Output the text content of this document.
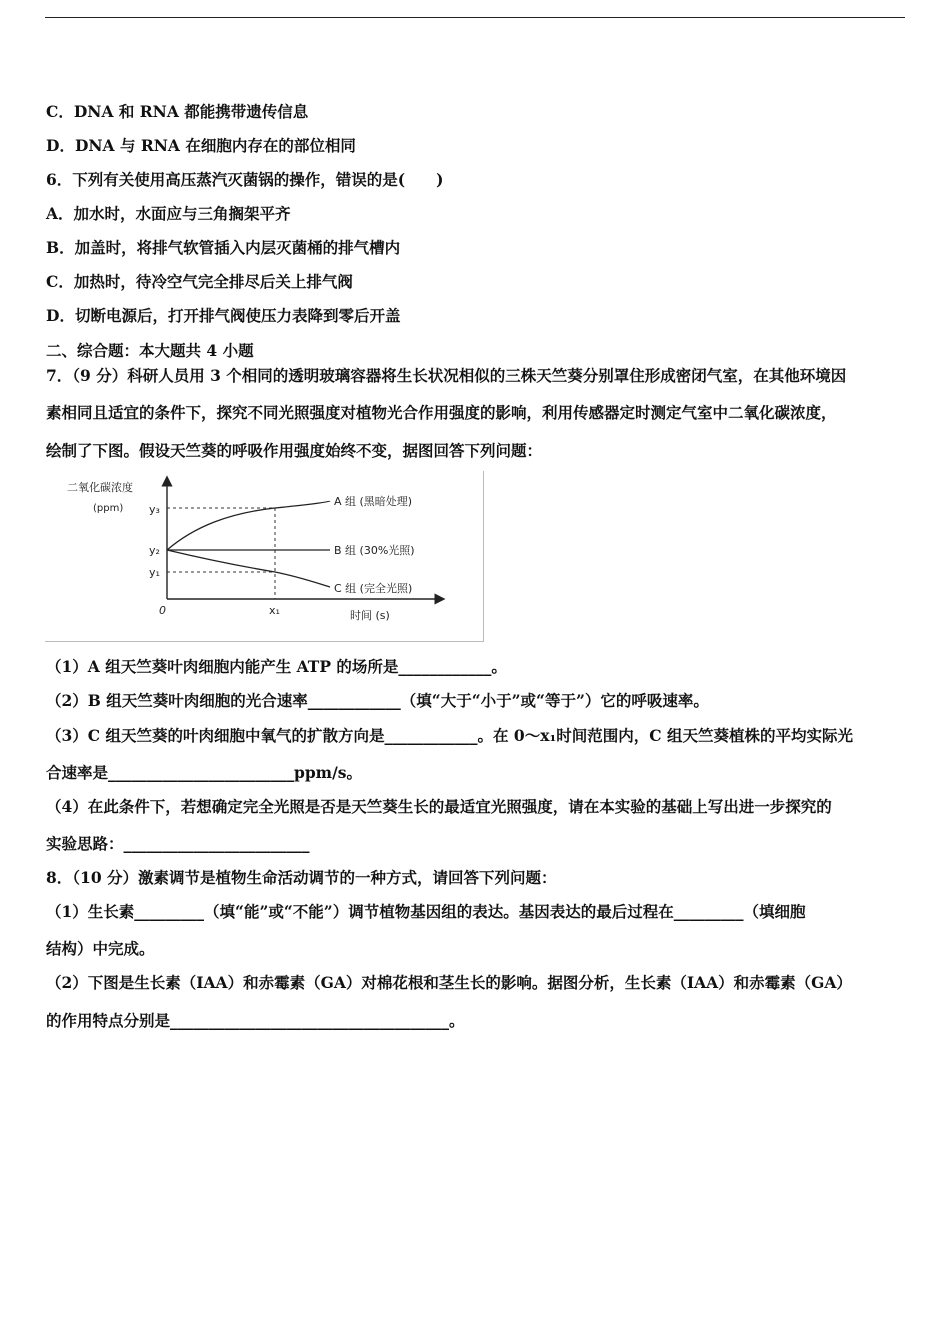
C．DNA 和 RNA 都能携带遗传信息
D．DNA 与 RNA 在细胞内存在的部位相同
6．下列有关使用高压蒸汽灭菌锅的操作，错误的是(　　)
A．加水时，水面应与三角搁架平齐
B．加盖时，将排气软管插入内层灭菌桶的排气槽内
C．加热时，待冷空气完全排尽后关上排气阀
D．切断电源后，打开排气阀使压力表降到零后开盖
二、综合题：本大题共 4 小题
7．（9 分）科研人员用 3 个相同的透明玻璃容器将生长状况相似的三株天竺葵分别罩住形成密闭气室，在其他环境因
素相同且适宜的条件下，探究不同光照强度对植物光合作用强度的影响，利用传感器定时测定气室中二氧化碳浓度，
绘制了下图。假设天竺葵的呼吸作用强度始终不变，据图回答下列问题：
二氧化碳浓度
(ppm) y₃
y₂
y₁
0	x₁	时间 (s)
A 组 (黑暗处理)
B 组 (30%光照)
C 组 (完全光照)
（1）A 组天竺葵叶肉细胞内能产生 ATP 的场所是____________。
（2）B 组天竺葵叶肉细胞的光合速率____________（填“大于“小于”或“等于”）它的呼吸速率。
（3）C 组天竺葵的叶肉细胞中氧气的扩散方向是____________。在 0～x₁时间范围内，C 组天竺葵植株的平均实际光
合速率是________________________ppm/s。
（4）在此条件下，若想确定完全光照是否是天竺葵生长的最适宜光照强度，请在本实验的基础上写出进一步探究的
实验思路：________________________
8．（10 分）激素调节是植物生命活动调节的一种方式，请回答下列问题：
（1）生长素_________（填“能”或“不能”）调节植物基因组的表达。基因表达的最后过程在_________（填细胞
结构）中完成。
（2）下图是生长素（IAA）和赤霉素（GA）对棉花根和茎生长的影响。据图分析，生长素（IAA）和赤霉素（GA）
的作用特点分别是____________________________________。
